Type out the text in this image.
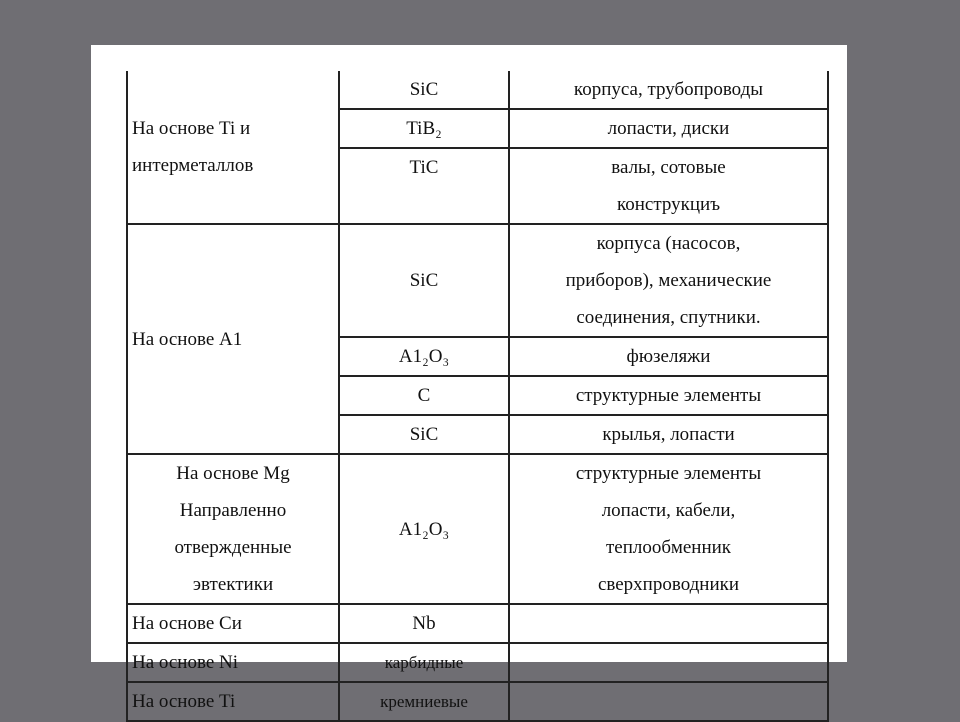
На основе Ti и
интерметаллов	SiC	корпуса, трубопроводы

	TiB₂	лопасти, диски

	TiC	валы, сотовые
конструкциъ

На основе А1	SiC	корпуса (насосов,
приборов), механические
соединения, спутники.

	A1₂O₃	фюзеляжи

	C	структурные элементы

	SiC	крылья, лопасти

На основе Mg
Направленно
отвержденные
эвтектики	A1₂O₃	структурные элементы
лопасти, кабели,
теплообменник
сверхпроводники

На основе Cи	Nb	

На основе Ni	карбидные	

На основе Ti	кремниевые	
